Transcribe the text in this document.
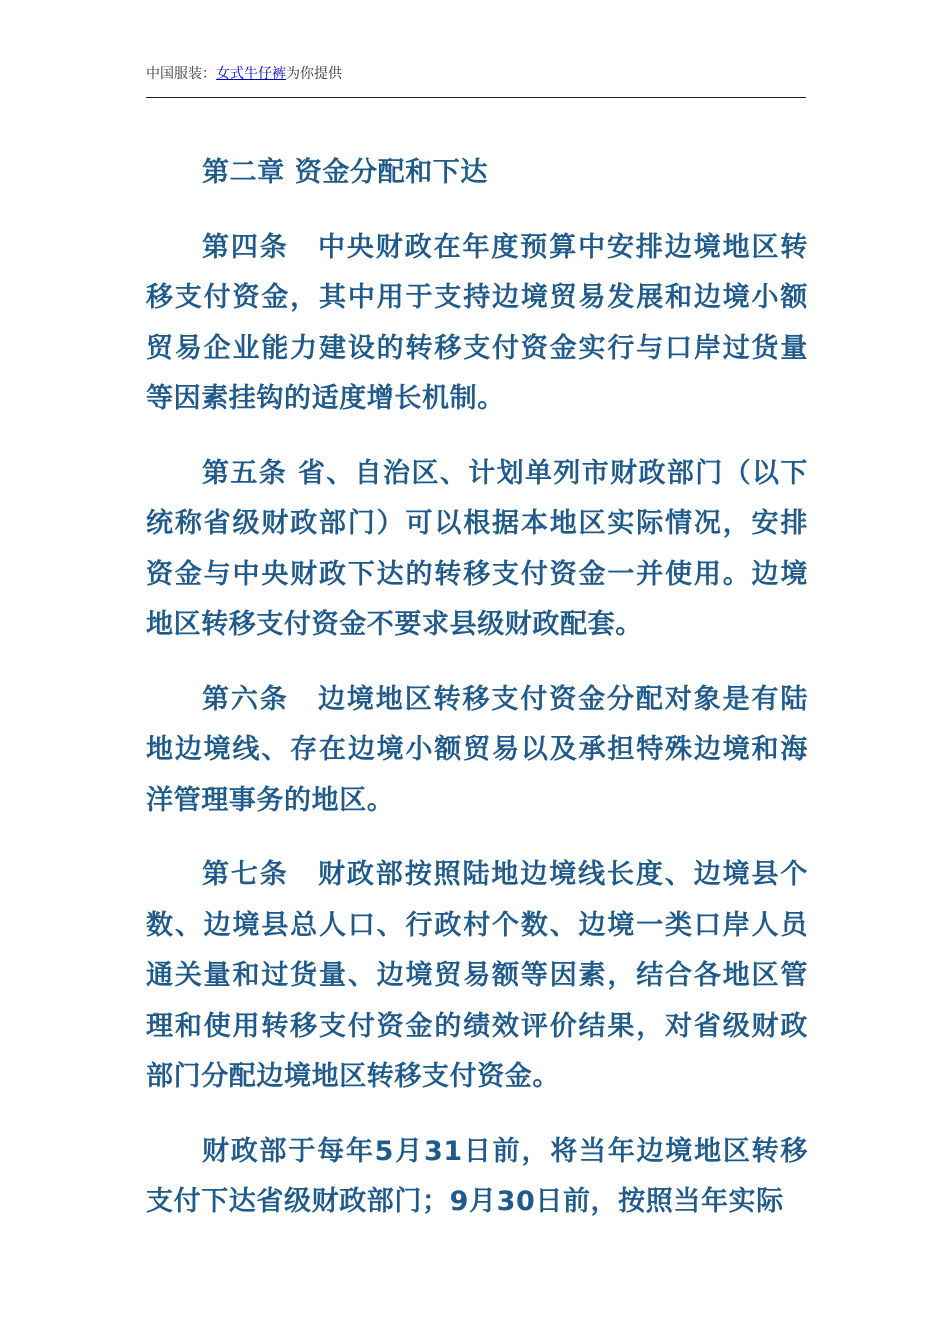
中国服装：女式牛仔裤为你提供

第二章 资金分配和下达

第四条 中央财政在年度预算中安排边境地区转移支付资金，其中用于支持边境贸易发展和边境小额贸易企业能力建设的转移支付资金实行与口岸过货量等因素挂钩的适度增长机制。

第五条 省、自治区、计划单列市财政部门（以下统称省级财政部门）可以根据本地区实际情况，安排资金与中央财政下达的转移支付资金一并使用。边境地区转移支付资金不要求县级财政配套。

第六条 边境地区转移支付资金分配对象是有陆地边境线、存在边境小额贸易以及承担特殊边境和海洋管理事务的地区。

第七条 财政部按照陆地边境线长度、边境县个数、边境县总人口、行政村个数、边境一类口岸人员通关量和过货量、边境贸易额等因素，结合各地区管理和使用转移支付资金的绩效评价结果，对省级财政部门分配边境地区转移支付资金。

财政部于每年5月31日前，将当年边境地区转移支付下达省级财政部门；9月30日前，按照当年实际
